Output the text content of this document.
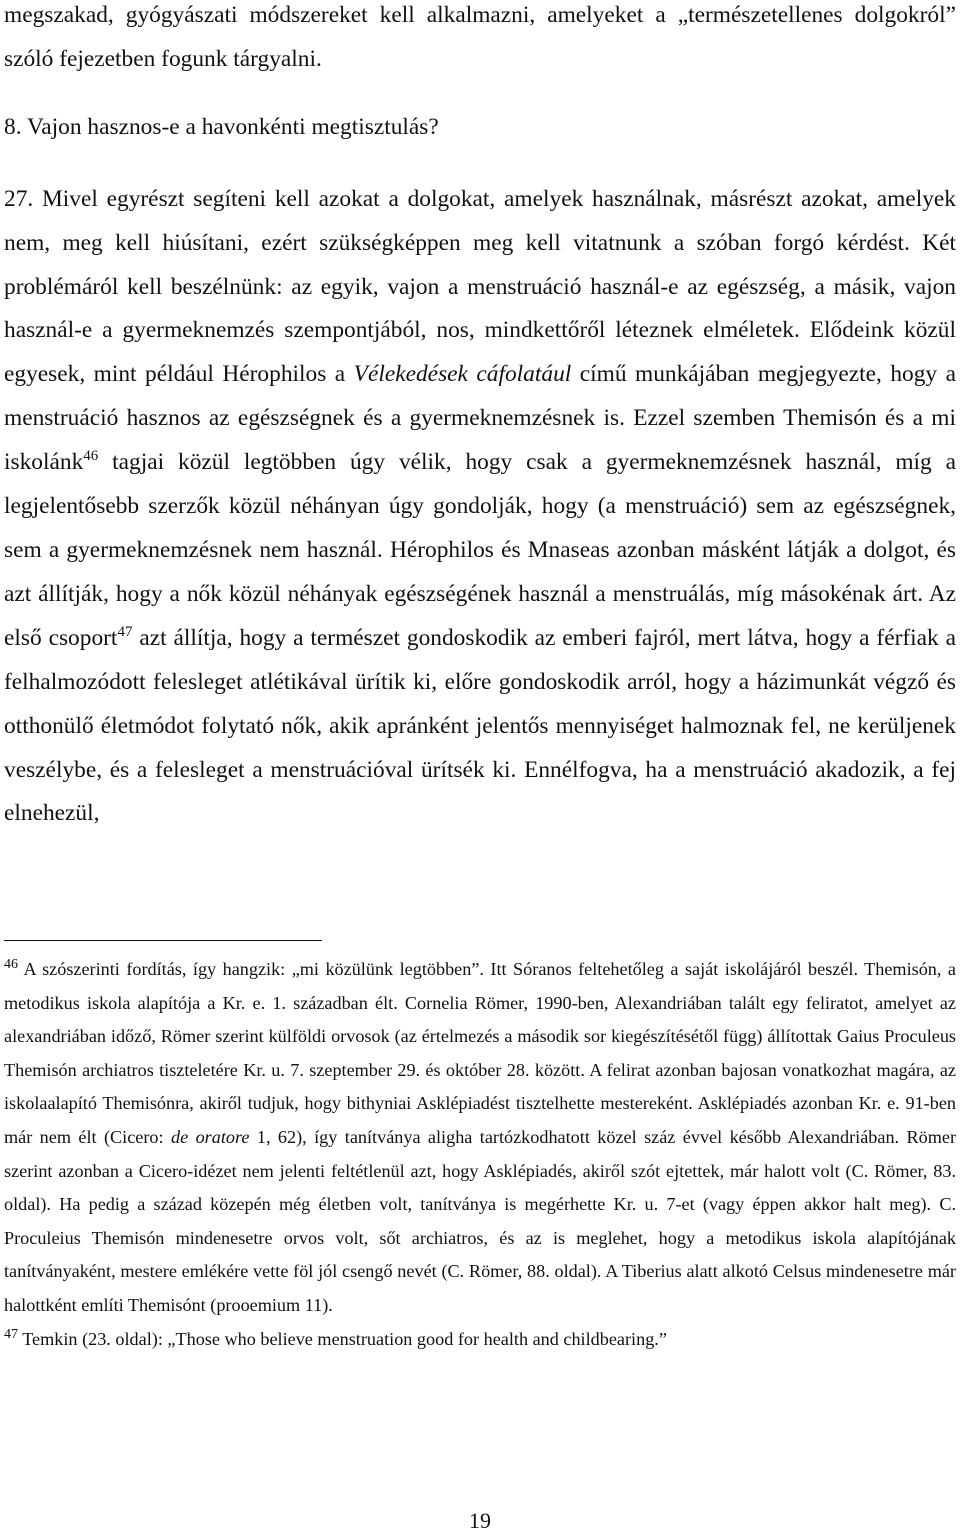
megszakad, gyógyászati módszereket kell alkalmazni, amelyeket a „természetellenes dolgokról” szóló fejezetben fogunk tárgyalni.

8. Vajon hasznos-e a havonkénti megtisztulás?

27. Mivel egyrészt segíteni kell azokat a dolgokat, amelyek használnak, másrészt azokat, amelyek nem, meg kell hiúsítani, ezért szükségképpen meg kell vitatnunk a szóban forgó kérdést. Két problémáról kell beszélnünk: az egyik, vajon a menstruáció használ-e az egészség, a másik, vajon használ-e a gyermeknemzés szempontjából, nos, mindkettőről léteznek elméletek. Elődeink közül egyesek, mint például Hérophilos a Vélekedések cáfolatául című munkájában megjegyezte, hogy a menstruáció hasznos az egészségnek és a gyermeknemzésnek is. Ezzel szemben Themisón és a mi iskolánk$^{46}$ tagjai közül legtöbben úgy vélik, hogy csak a gyermeknemzésnek használ, míg a legjelentősebb szerzők közül néhányan úgy gondolják, hogy (a menstruáció) sem az egészségnek, sem a gyermeknemzésnek nem használ. Hérophilos és Mnaseas azonban másként látják a dolgot, és azt állítják, hogy a nők közül néhányak egészségének használ a menstruálás, míg másokénak árt. Az első csoport$^{47}$ azt állítja, hogy a természet gondoskodik az emberi fajról, mert látva, hogy a férfiak a felhalmozódott felesleget atlétikával ürítik ki, előre gondoskodik arról, hogy a házimunkát végző és otthonülő életmódot folytató nők, akik apránként jelentős mennyiséget halmoznak fel, ne kerüljenek veszélybe, és a felesleget a menstruációval ürítsék ki. Ennélfogva, ha a menstruáció akadozik, a fej elnehezül,

$^{46}$ A szószerinti fordítás, így hangzik: „mi közülünk legtöbben”. Itt Sóranos feltehetőleg a saját iskolájáról beszél. Themisón, a metodikus iskola alapítója a Kr. e. 1. században élt. Cornelia Römer, 1990-ben, Alexandriában talált egy feliratot, amelyet az alexandriában időző, Römer szerint külföldi orvosok (az értelmezés a második sor kiegészítésétől függ) állítottak Gaius Proculeus Themisón archiatros tiszteletére Kr. u. 7. szeptember 29. és október 28. között. A felirat azonban bajosan vonatkozhat magára, az iskolaalapító Themisónra, akiről tudjuk, hogy bithyniai Asklépiadést tisztelhette mestereként. Asklépiadés azonban Kr. e. 91-ben már nem élt (Cicero: de oratore 1, 62), így tanítványa aligha tartózkodhatott közel száz évvel később Alexandriában. Römer szerint azonban a Cicero-idézet nem jelenti feltétlenül azt, hogy Asklépiadés, akiről szót ejtettek, már halott volt (C. Römer, 83. oldal). Ha pedig a század közepén még életben volt, tanítványa is megérhette Kr. u. 7-et (vagy éppen akkor halt meg). C. Proculeius Themisón mindenesetre orvos volt, sőt archiatros, és az is meglehet, hogy a metodikus iskola alapítójának tanítványaként, mestere emlékére vette föl jól csengő nevét (C. Römer, 88. oldal). A Tiberius alatt alkotó Celsus mindenesetre már halottként említi Themisónt (prooemium 11).

$^{47}$ Temkin (23. oldal): „Those who believe menstruation good for health and childbearing.”

19
